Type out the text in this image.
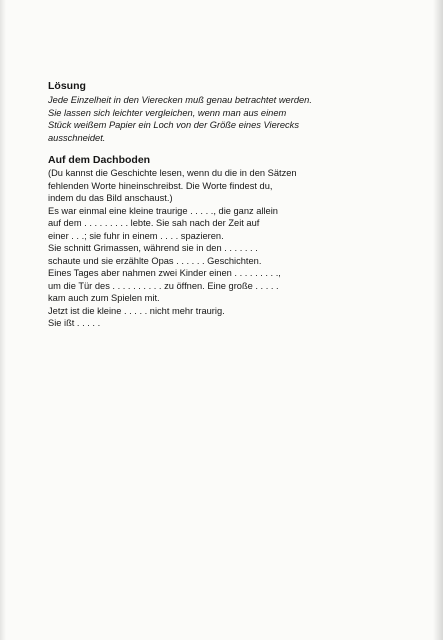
Lösung
Jede Einzelheit in den Vierecken muß genau betrachtet werden.
Sie lassen sich leichter vergleichen, wenn man aus einem
Stück weißem Papier ein Loch von der Größe eines Vierecks
ausschneidet.
Auf dem Dachboden
(Du kannst die Geschichte lesen, wenn du die in den Sätzen
fehlenden Worte hineinschreibst. Die Worte findest du,
indem du das Bild anschaust.)
Es war einmal eine kleine traurige . . . . ., die ganz allein
auf dem . . . . . . . . . lebte. Sie sah nach der Zeit auf
einer . . .; sie fuhr in einem . . . . spazieren.
Sie schnitt Grimassen, während sie in den . . . . . . .
schaute und sie erzählte Opas . . . . . . Geschichten.
Eines Tages aber nahmen zwei Kinder einen . . . . . . . . .,
um die Tür des . . . . . . . . . . zu öffnen. Eine große . . . . .
kam auch zum Spielen mit.
Jetzt ist die kleine . . . . . nicht mehr traurig.
Sie ißt . . . . .
